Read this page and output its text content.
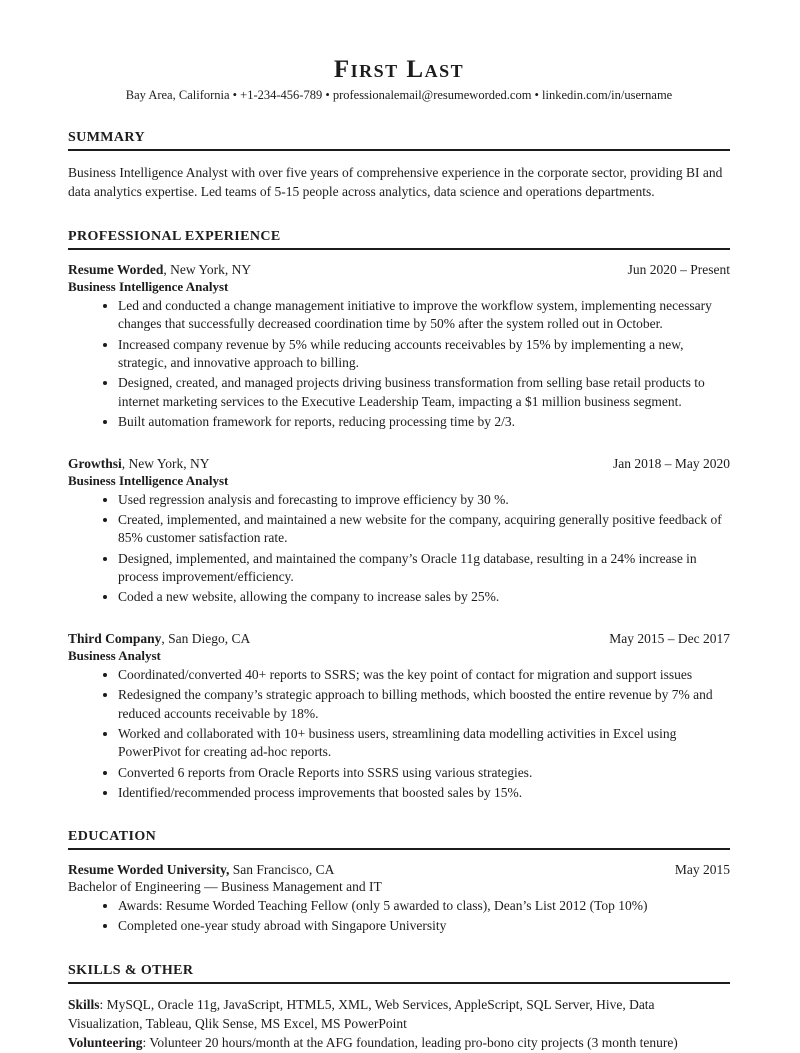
First Last
Bay Area, California • +1-234-456-789 • professionalemail@resumeworded.com • linkedin.com/in/username
SUMMARY

Business Intelligence Analyst with over five years of comprehensive experience in the corporate sector, providing BI and data analytics expertise. Led teams of 5-15 people across analytics, data science and operations departments.

PROFESSIONAL EXPERIENCE
Resume Worded, New York, NY	Jun 2020 – Present
Business Intelligence Analyst
• Led and conducted a change management initiative to improve the workflow system, implementing necessary changes that successfully decreased coordination time by 50% after the system rolled out in October.
• Increased company revenue by 5% while reducing accounts receivables by 15% by implementing a new, strategic, and innovative approach to billing.
• Designed, created, and managed projects driving business transformation from selling base retail products to internet marketing services to the Executive Leadership Team, impacting a $1 million business segment.
• Built automation framework for reports, reducing processing time by 2/3.
Growthsi, New York, NY	Jan 2018 – May 2020
Business Intelligence Analyst
• Used regression analysis and forecasting to improve efficiency by 30 %.
• Created, implemented, and maintained a new website for the company, acquiring generally positive feedback of 85% customer satisfaction rate.
• Designed, implemented, and maintained the company’s Oracle 11g database, resulting in a 24% increase in process improvement/efficiency.
• Coded a new website, allowing the company to increase sales by 25%.
Third Company, San Diego, CA	May 2015 – Dec 2017
Business Analyst
• Coordinated/converted 40+ reports to SSRS; was the key point of contact for migration and support issues
• Redesigned the company’s strategic approach to billing methods, which boosted the entire revenue by 7% and reduced accounts receivable by 18%.
• Worked and collaborated with 10+ business users, streamlining data modelling activities in Excel using PowerPivot for creating ad-hoc reports.
• Converted 6 reports from Oracle Reports into SSRS using various strategies.
• Identified/recommended process improvements that boosted sales by 15%.
EDUCATION
Resume Worded University, San Francisco, CA	May 2015
Bachelor of Engineering — Business Management and IT
• Awards: Resume Worded Teaching Fellow (only 5 awarded to class), Dean’s List 2012 (Top 10%)
• Completed one-year study abroad with Singapore University
SKILLS & OTHER

Skills: MySQL, Oracle 11g, JavaScript, HTML5, XML, Web Services, AppleScript, SQL Server, Hive, Data Visualization, Tableau, Qlik Sense, MS Excel, MS PowerPoint

Volunteering: Volunteer 20 hours/month at the AFG foundation, leading pro-bono city projects (3 month tenure)
